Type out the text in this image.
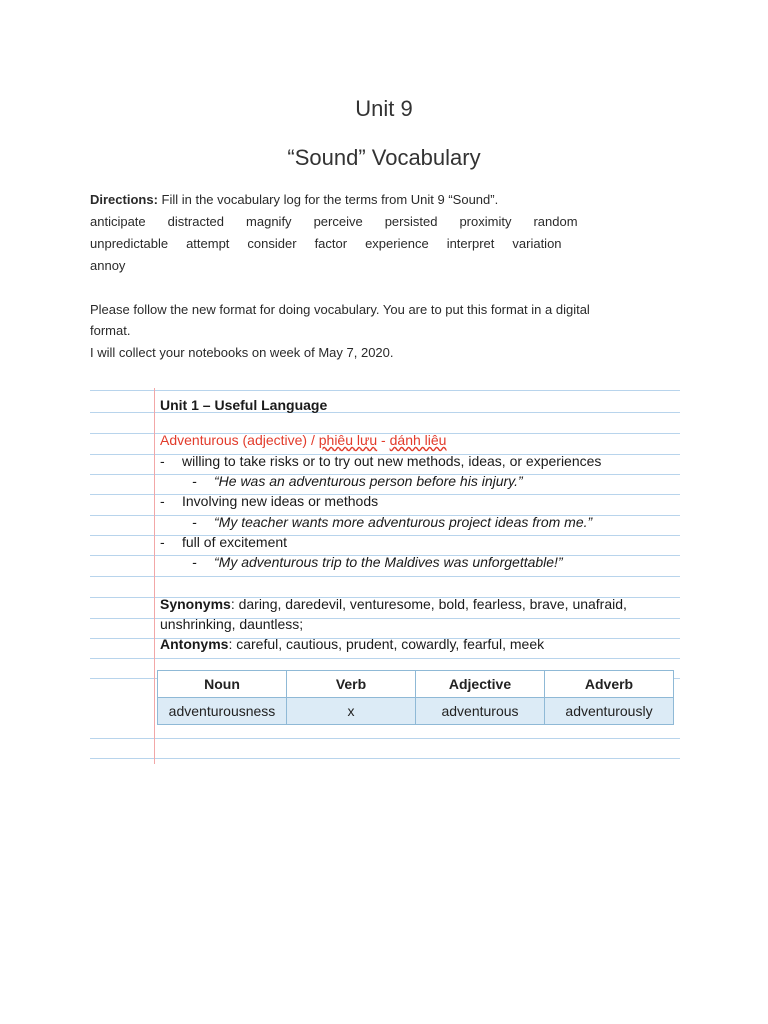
Unit 9
“Sound” Vocabulary
Directions: Fill in the vocabulary log for the terms from Unit 9 “Sound”.
anticipate distracted magnify perceive persisted proximity random
unpredictable attempt consider factor experience interpret variation
annoy
Please follow the new format for doing vocabulary. You are to put this format in a digital
format.
I will collect your notebooks on week of May 7, 2020.
Unit 1 – Useful Language
Adventurous (adjective) / phiêu lưu - dánh liêu
- willing to take risks or to try out new methods, ideas, or experiences
- “He was an adventurous person before his injury.”
- Involving new ideas or methods
- “My teacher wants more adventurous project ideas from me.”
- full of excitement
- “My adventurous trip to the Maldives was unforgettable!”
Synonyms: daring, daredevil, venturesome, bold, fearless, brave, unafraid,
unshrinking, dauntless;
Antonyms: careful, cautious, prudent, cowardly, fearful, meek
Noun	Verb	Adjective	Adverb
adventurousness	x	adventurous	adventurously
